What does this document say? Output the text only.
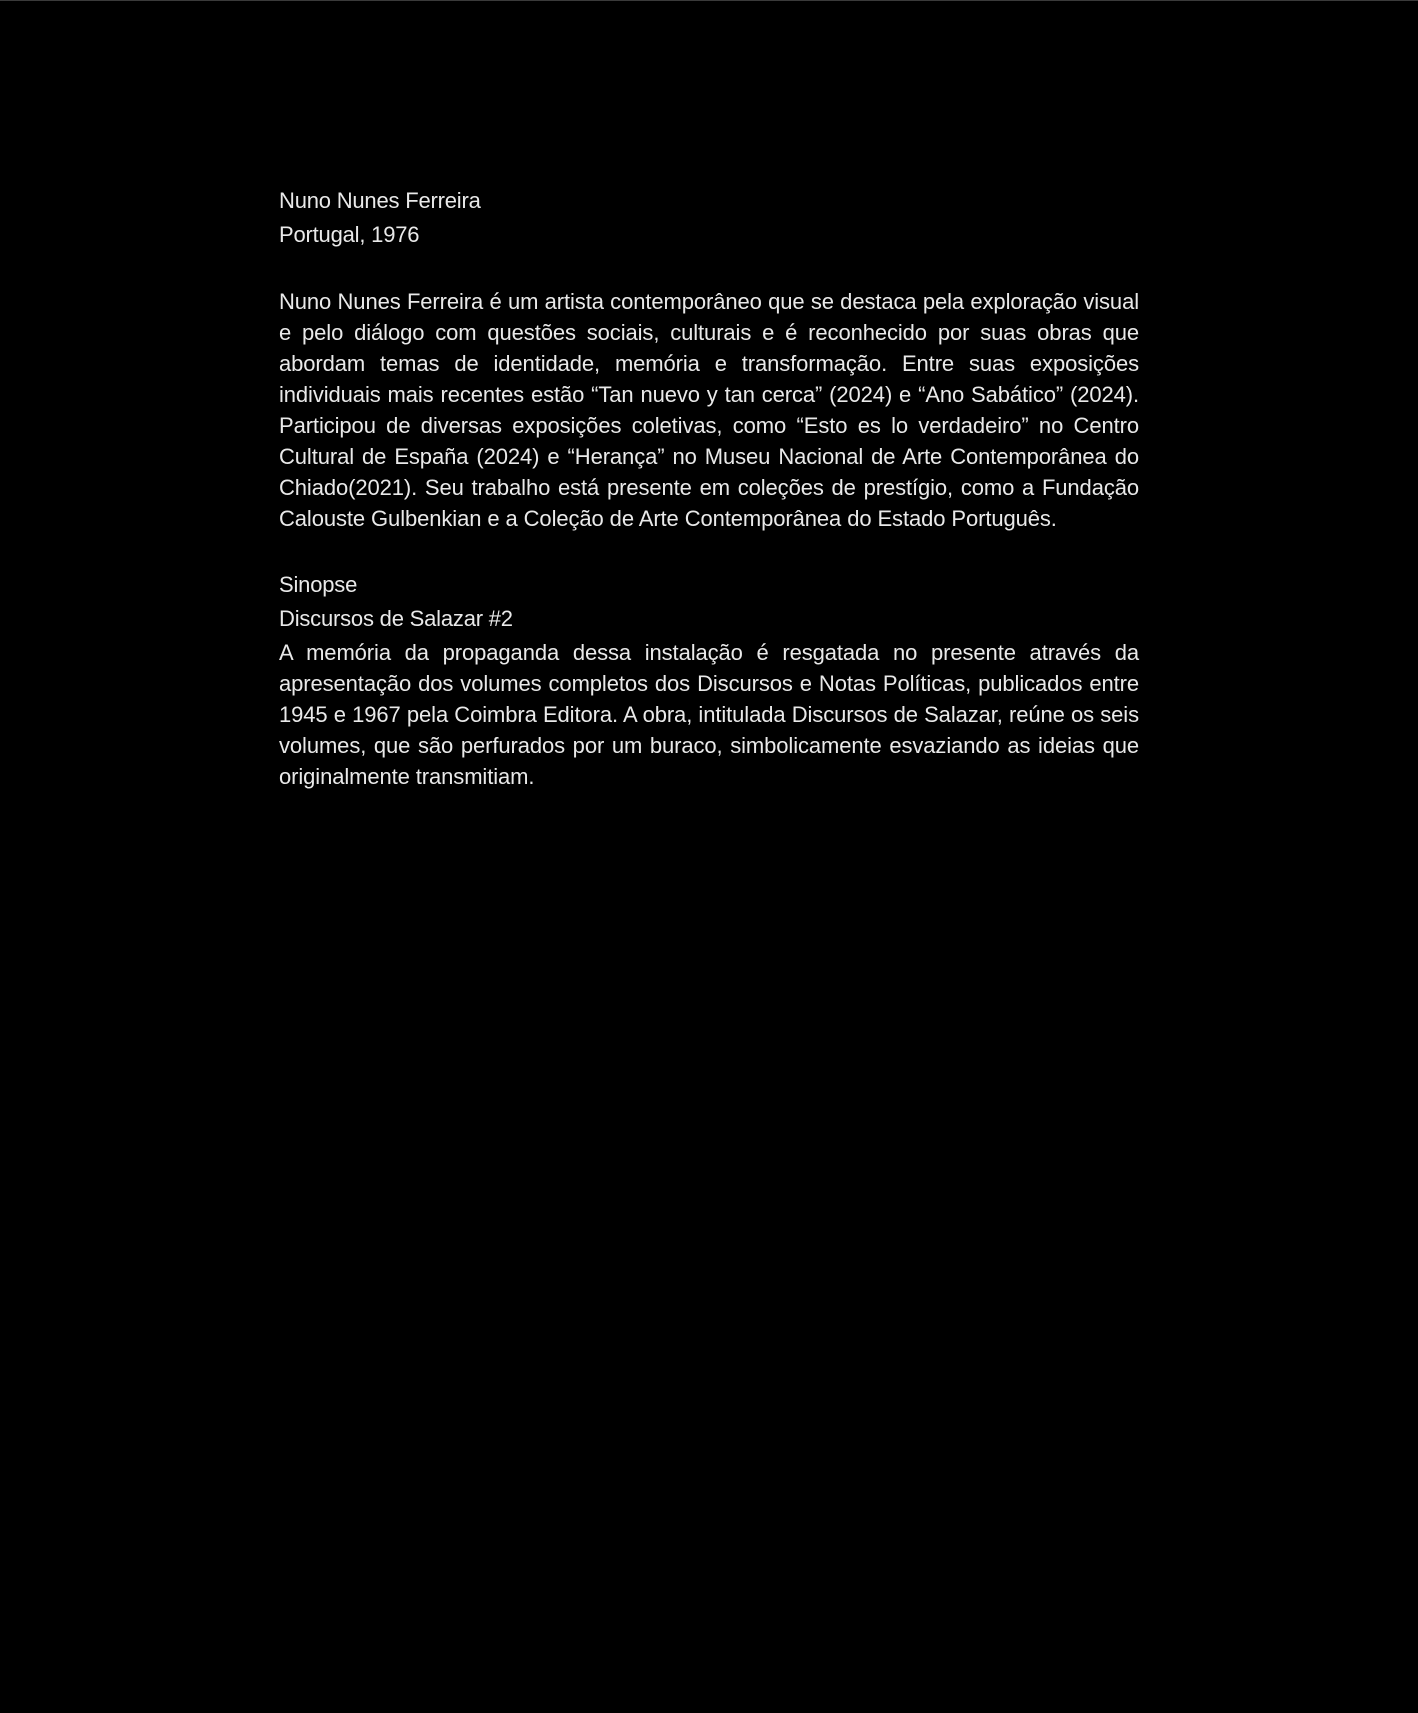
Nuno Nunes Ferreira

Portugal, 1976

Nuno Nunes Ferreira é um artista contemporâneo que se destaca pela exploração visual e pelo diálogo com questões sociais, culturais e é reconhecido por suas obras que abordam temas de identidade, memória e transformação. Entre suas exposições individuais mais recentes estão “Tan nuevo y tan cerca” (2024) e “Ano Sabático” (2024). Participou de diversas exposições coletivas, como “Esto es lo verdadeiro” no Centro Cultural de España (2024) e “Herança” no Museu Nacional de Arte Contemporânea do Chiado(2021). Seu trabalho está presente em coleções de prestígio, como a Fundação Calouste Gulbenkian e a Coleção de Arte Contemporânea do Estado Português.

Sinopse

Discursos de Salazar #2

A memória da propaganda dessa instalação é resgatada no presente através da apresentação dos volumes completos dos Discursos e Notas Políticas, publicados entre 1945 e 1967 pela Coimbra Editora. A obra, intitulada Discursos de Salazar, reúne os seis volumes, que são perfurados por um buraco, simbolicamente esvaziando as ideias que originalmente transmitiam.
